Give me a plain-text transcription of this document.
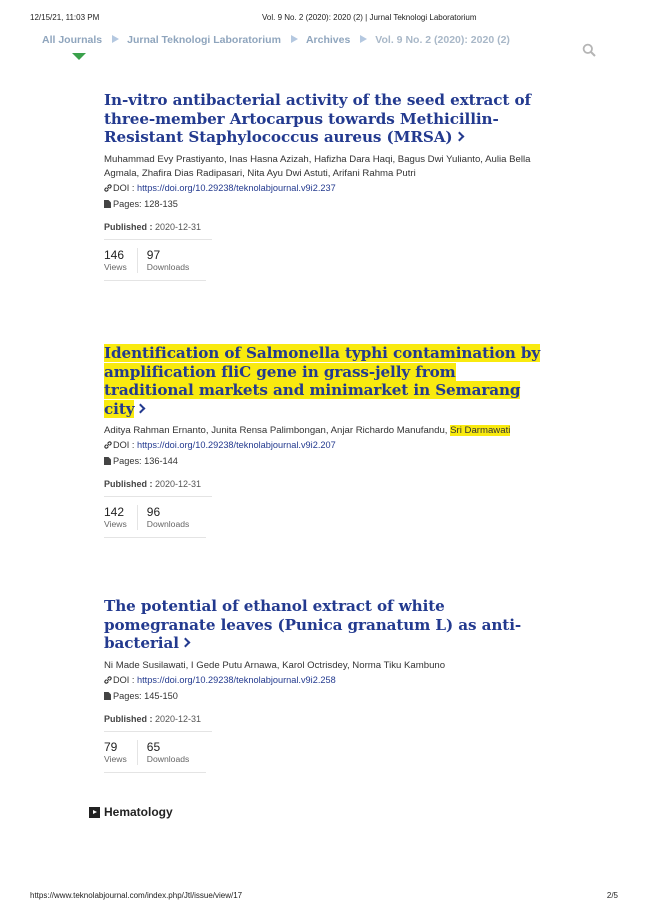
12/15/21, 11:03 PM	Vol. 9 No. 2 (2020): 2020 (2) | Jurnal Teknologi Laboratorium
All Journals Jurnal Teknologi Laboratorium Archives Vol. 9 No. 2 (2020): 2020 (2)
In-vitro antibacterial activity of the seed extract of three-member Artocarpus towards Methicillin-Resistant Staphylococcus aureus (MRSA)
Muhammad Evy Prastiyanto, Inas Hasna Azizah, Hafizha Dara Haqi, Bagus Dwi Yulianto, Aulia Bella Agmala, Zhafira Dias Radipasari, Nita Ayu Dwi Astuti, Arifani Rahma Putri
DOI : https://doi.org/10.29238/teknolabjournal.v9i2.237
Pages: 128-135
Published : 2020-12-31
146
Views
97
Downloads
Identification of Salmonella typhi contamination by amplification fliC gene in grass-jelly from traditional markets and minimarket in Semarang city
Aditya Rahman Ernanto, Junita Rensa Palimbongan, Anjar Richardo Manufandu, Sri Darmawati
DOI : https://doi.org/10.29238/teknolabjournal.v9i2.207
Pages: 136-144
Published : 2020-12-31
142
Views
96
Downloads
The potential of ethanol extract of white pomegranate leaves (Punica granatum L) as anti-bacterial
Ni Made Susilawati, I Gede Putu Arnawa, Karol Octrisdey, Norma Tiku Kambuno
DOI : https://doi.org/10.29238/teknolabjournal.v9i2.258
Pages: 145-150
Published : 2020-12-31
79
Views
65
Downloads
Hematology
https://www.teknolabjournal.com/index.php/Jtl/issue/view/17	2/5
